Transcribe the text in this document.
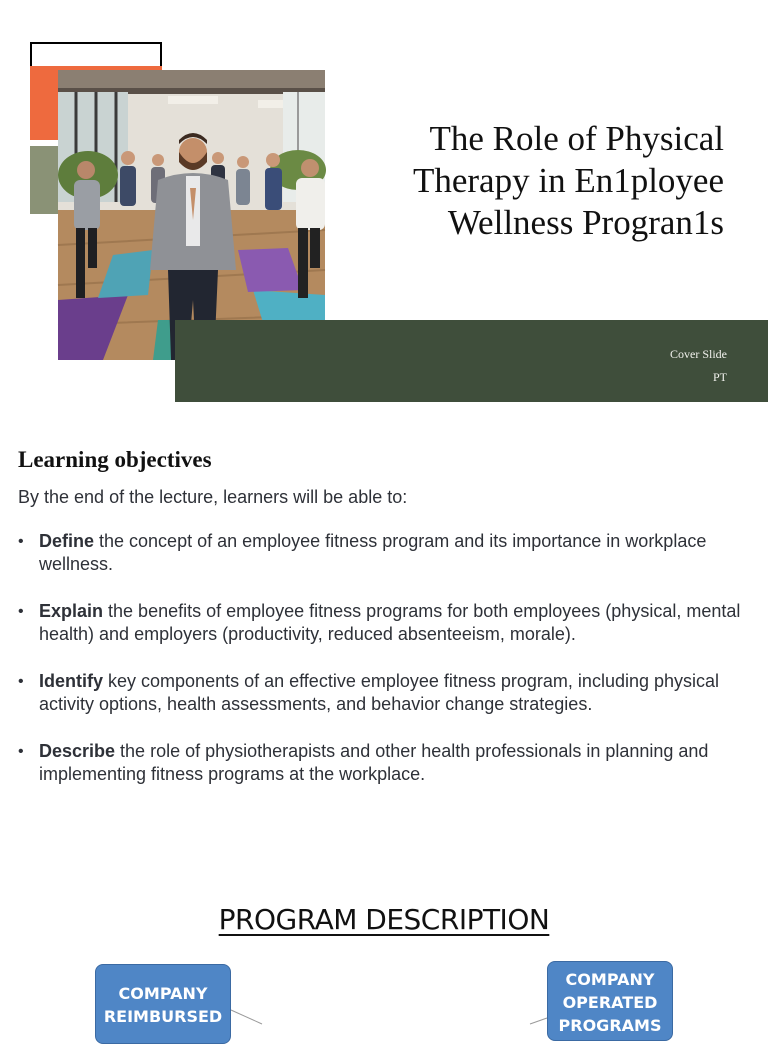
Cover Slide
PT
The Role of Physical
Therapy in En1ployee
Wellness Progran1s
Learning objectives

By the end of the lecture, learners will be able to:

• Define the concept of an employee fitness program and its importance in workplace wellness.
• Explain the benefits of employee fitness programs for both employees (physical, mental health) and employers (productivity, reduced absenteeism, morale).
• Identify key components of an effective employee fitness program, including physical activity options, health assessments, and behavior change strategies.
• Describe the role of physiotherapists and other health professionals in planning and implementing fitness programs at the workplace.
PROGRAM DESCRIPTION
COMPANY
REIMBURSED
COMPANY
OPERATED
PROGRAMS
